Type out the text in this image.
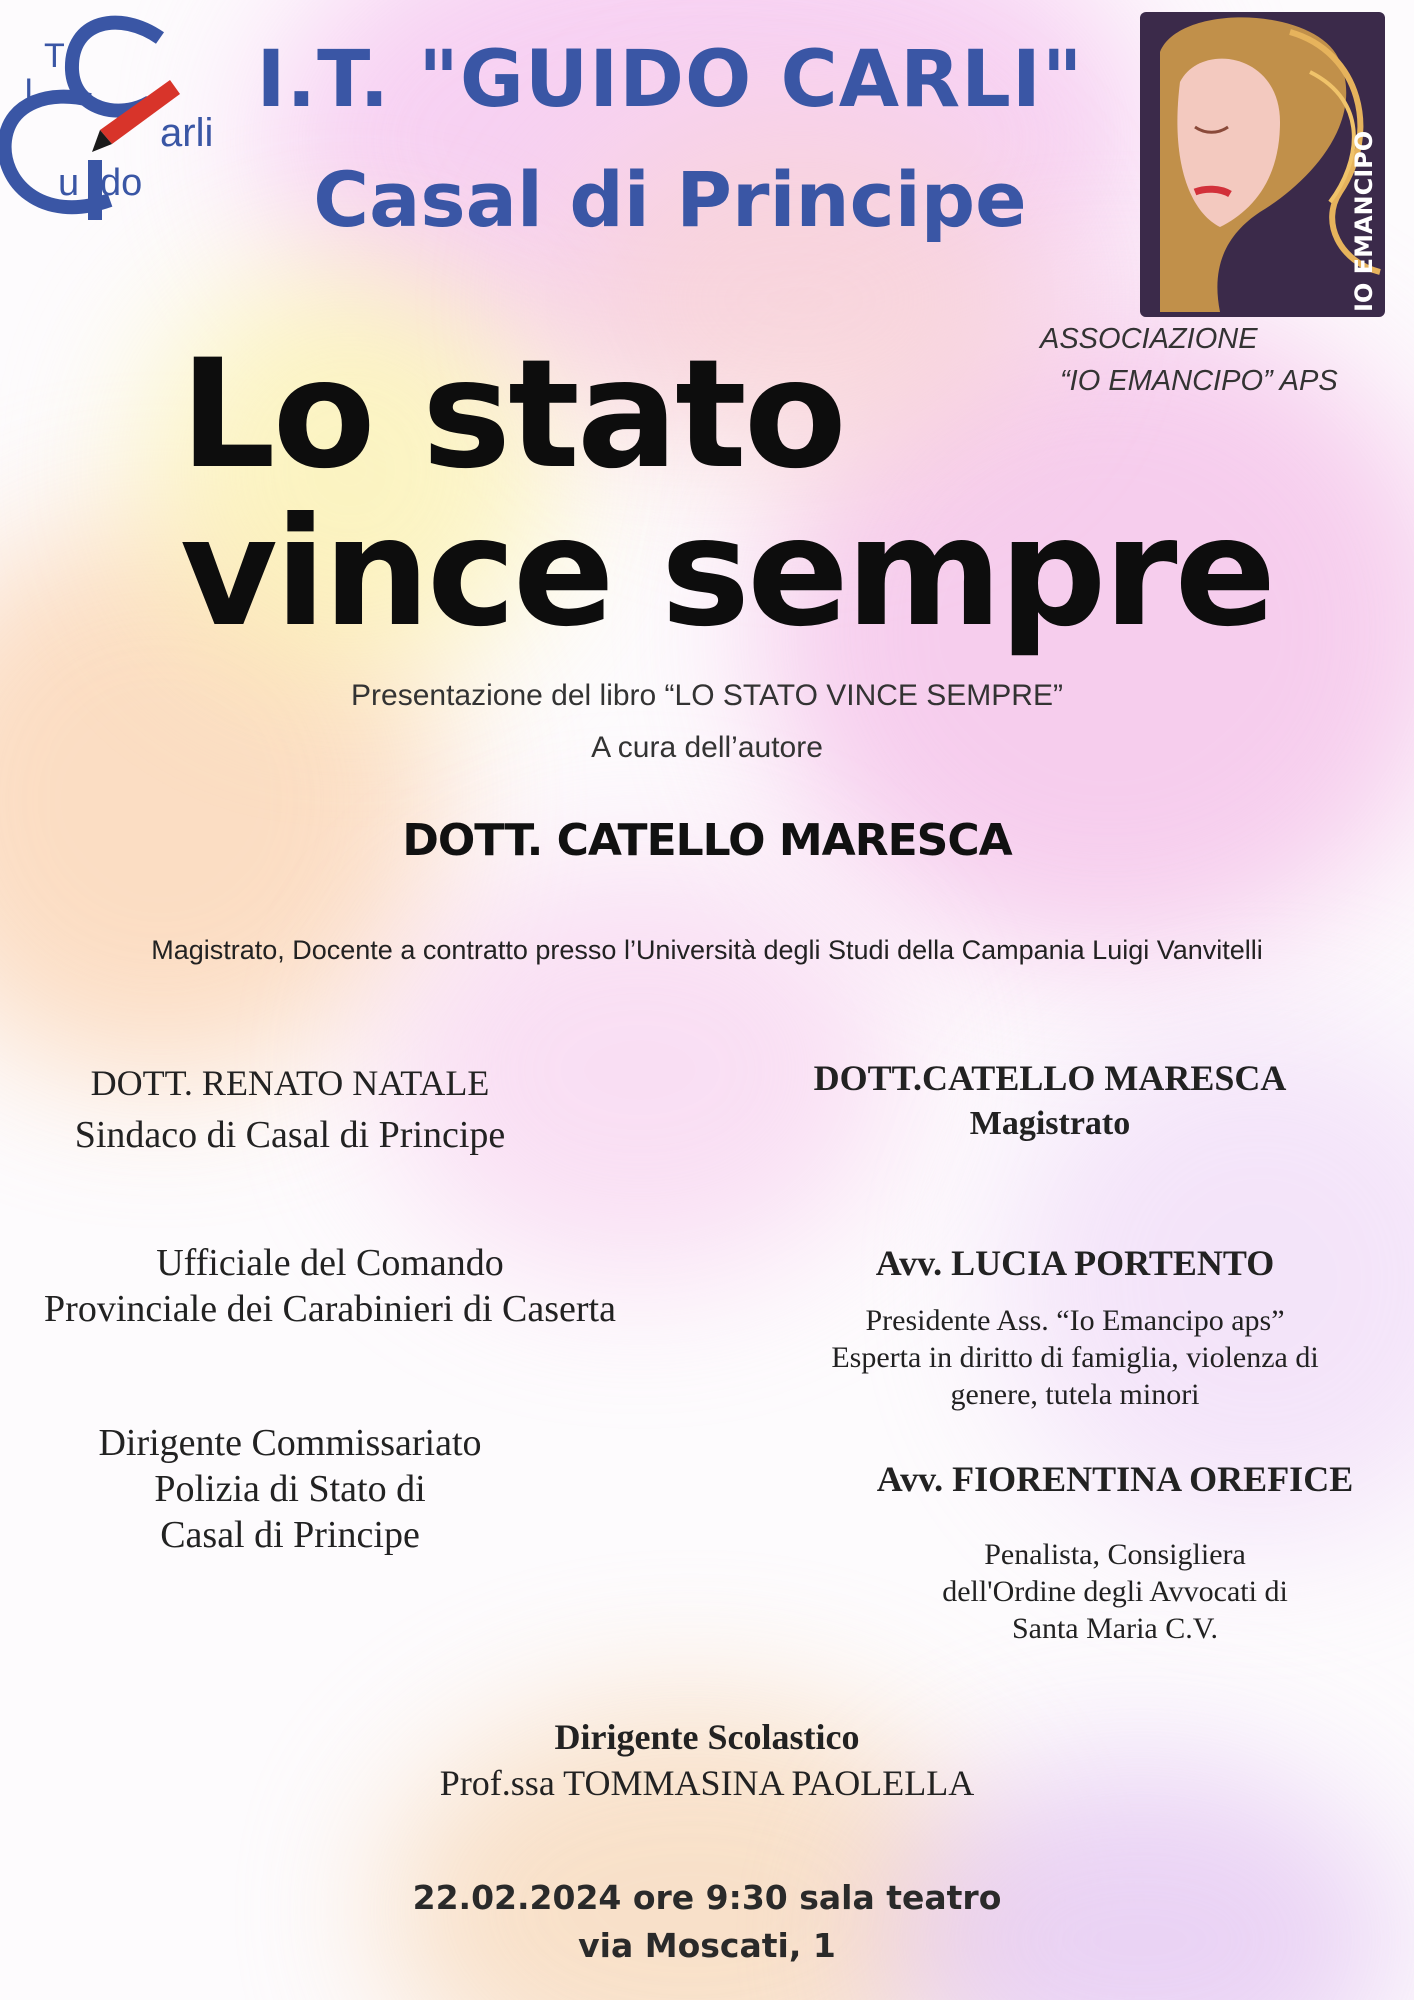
T
I
arli
u do
I.T. "GUIDO CARLI"
Casal di Principe	IO EMANCIPO
ASSOCIAZIONE
“IO EMANCIPO” APS
Lo stato
vince sempre
Presentazione del libro “LO STATO VINCE SEMPRE”
A cura dell’autore
DOTT. CATELLO MARESCA
Magistrato, Docente a contratto presso l’Università degli Studi della Campania Luigi Vanvitelli
DOTT. RENATO NATALE
Sindaco di Casal di Principe
DOTT.CATELLO MARESCA
Magistrato
Ufficiale del Comando
Provinciale dei Carabinieri di Caserta
Avv. LUCIA PORTENTO
Presidente Ass. “Io Emancipo aps”
Esperta in diritto di famiglia, violenza di
genere, tutela minori
Dirigente Commissariato
Polizia di Stato di
Casal di Principe
Avv. FIORENTINA OREFICE
Penalista, Consigliera
dell'Ordine degli Avvocati di
Santa Maria C.V.
Dirigente Scolastico
Prof.ssa TOMMASINA PAOLELLA
22.02.2024 ore 9:30 sala teatro
via Moscati, 1
